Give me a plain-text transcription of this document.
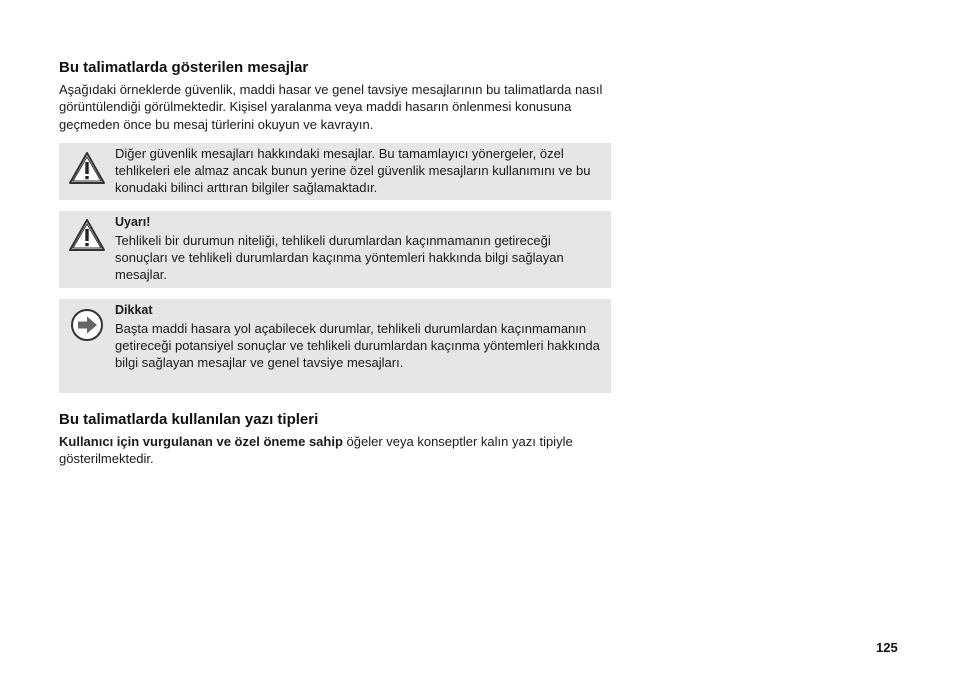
Bu talimatlarda gösterilen mesajlar

Aşağıdaki örneklerde güvenlik, maddi hasar ve genel tavsiye mesajlarının bu talimatlarda nasıl görüntülendiği görülmektedir. Kişisel yaralanma veya maddi hasarın önlenmesi konusuna geçmeden önce bu mesaj türlerini okuyun ve kavrayın.

Diğer güvenlik mesajları hakkındaki mesajlar. Bu tamamlayıcı yönergeler, özel tehlikeleri ele almaz ancak bunun yerine özel güvenlik mesajların kullanımını ve bu konudaki bilinci arttıran bilgiler sağlamaktadır.

Uyarı!

Tehlikeli bir durumun niteliği, tehlikeli durumlardan kaçınmamanın getireceği sonuçları ve tehlikeli durumlardan kaçınma yöntemleri hakkında bilgi sağlayan mesajlar.

Dikkat

Başta maddi hasara yol açabilecek durumlar, tehlikeli durumlardan kaçınmamanın getireceği potansiyel sonuçlar ve tehlikeli durumlardan kaçınma yöntemleri hakkında bilgi sağlayan mesajlar ve genel tavsiye mesajları.

Bu talimatlarda kullanılan yazı tipleri

Kullanıcı için vurgulanan ve özel öneme sahip öğeler veya konseptler kalın yazı tipiyle gösterilmektedir.

125
